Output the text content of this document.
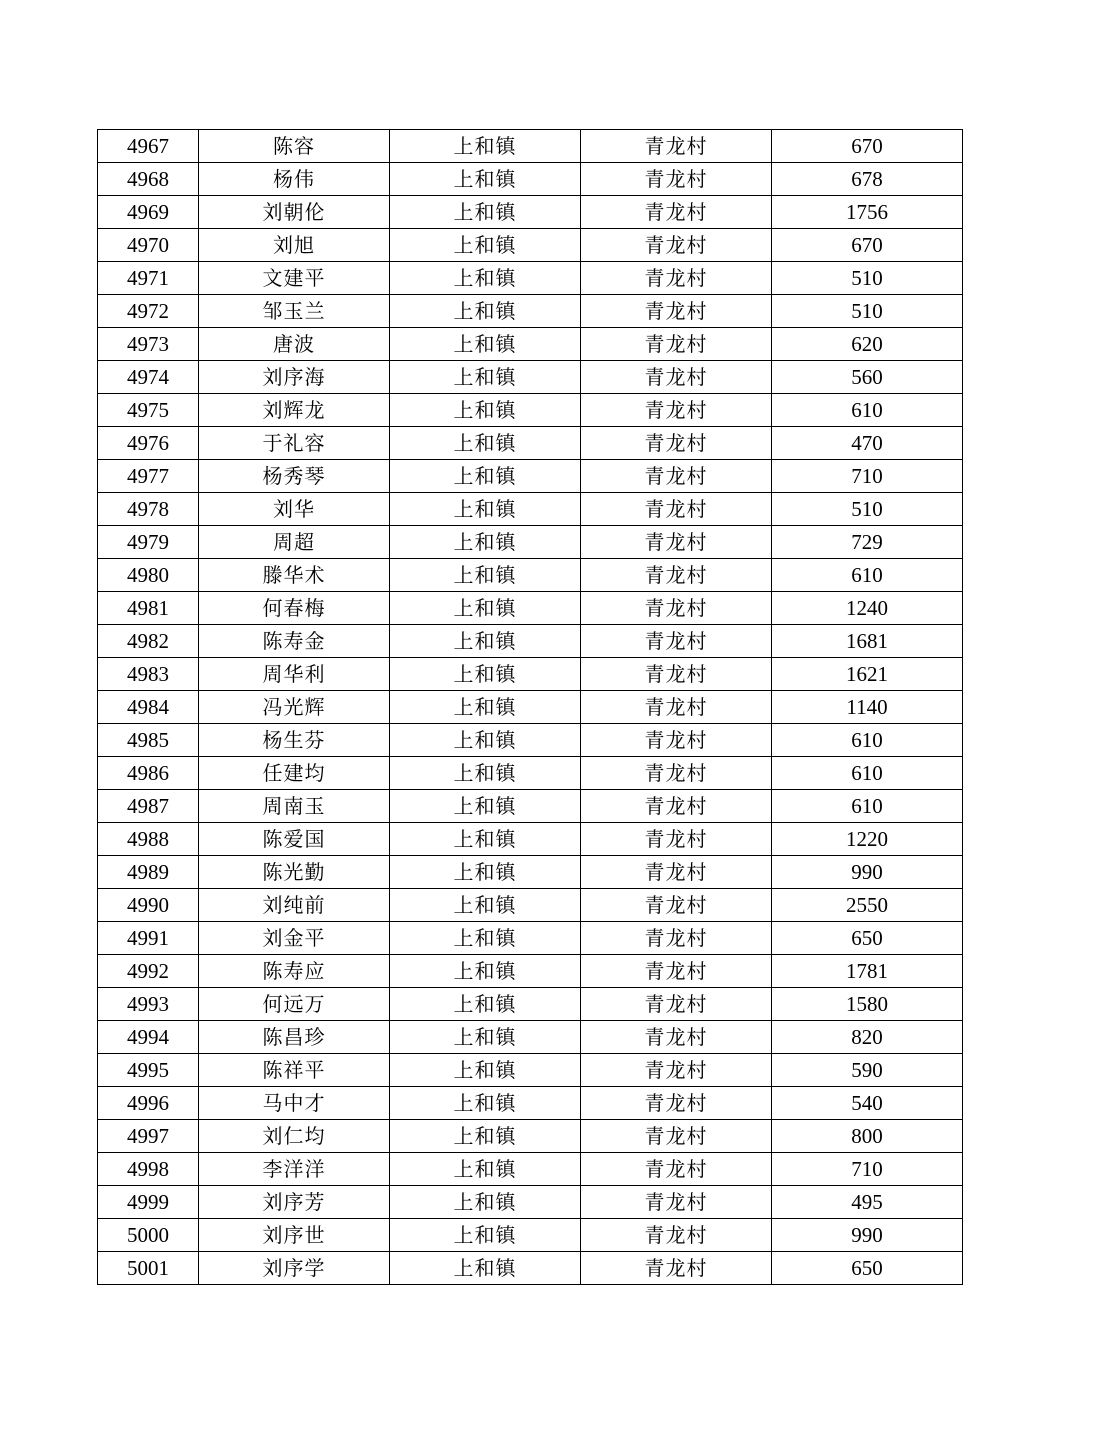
4967	陈容	上和镇	青龙村	670
4968	杨伟	上和镇	青龙村	678
4969	刘朝伦	上和镇	青龙村	1756
4970	刘旭	上和镇	青龙村	670
4971	文建平	上和镇	青龙村	510
4972	邹玉兰	上和镇	青龙村	510
4973	唐波	上和镇	青龙村	620
4974	刘序海	上和镇	青龙村	560
4975	刘辉龙	上和镇	青龙村	610
4976	于礼容	上和镇	青龙村	470
4977	杨秀琴	上和镇	青龙村	710
4978	刘华	上和镇	青龙村	510
4979	周超	上和镇	青龙村	729
4980	滕华术	上和镇	青龙村	610
4981	何春梅	上和镇	青龙村	1240
4982	陈寿金	上和镇	青龙村	1681
4983	周华利	上和镇	青龙村	1621
4984	冯光辉	上和镇	青龙村	1140
4985	杨生芬	上和镇	青龙村	610
4986	任建均	上和镇	青龙村	610
4987	周南玉	上和镇	青龙村	610
4988	陈爱国	上和镇	青龙村	1220
4989	陈光勤	上和镇	青龙村	990
4990	刘纯前	上和镇	青龙村	2550
4991	刘金平	上和镇	青龙村	650
4992	陈寿应	上和镇	青龙村	1781
4993	何远万	上和镇	青龙村	1580
4994	陈昌珍	上和镇	青龙村	820
4995	陈祥平	上和镇	青龙村	590
4996	马中才	上和镇	青龙村	540
4997	刘仁均	上和镇	青龙村	800
4998	李洋洋	上和镇	青龙村	710
4999	刘序芳	上和镇	青龙村	495
5000	刘序世	上和镇	青龙村	990
5001	刘序学	上和镇	青龙村	650
